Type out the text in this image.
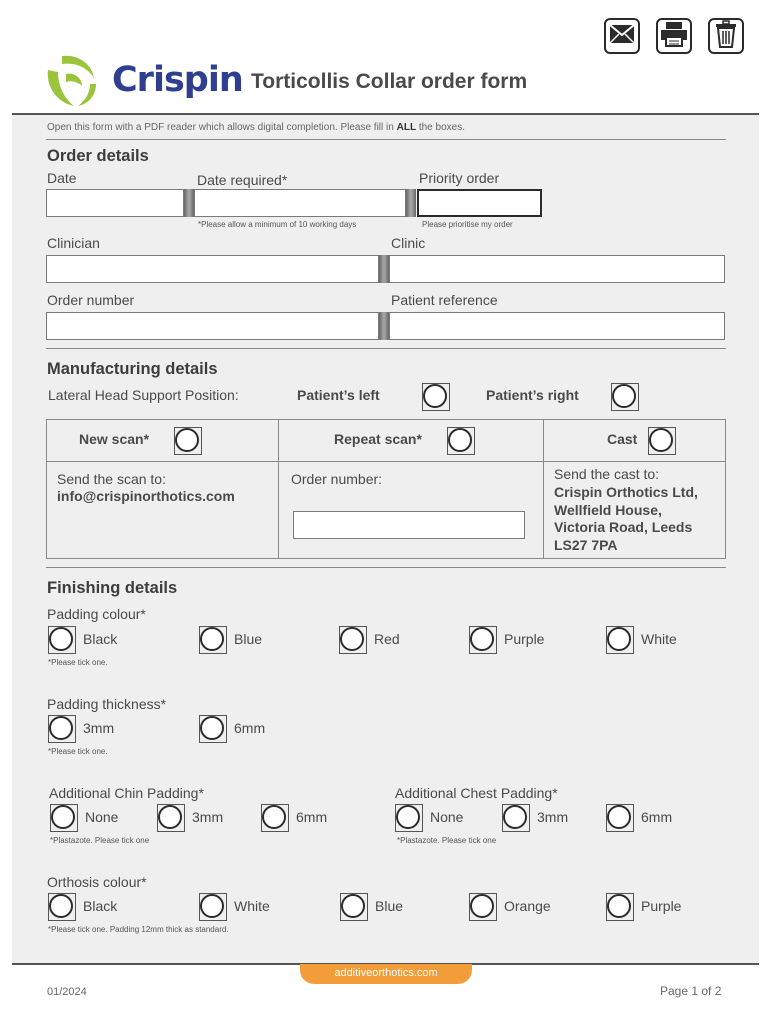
Crispin Torticollis Collar order form
Open this form with a PDF reader which allows digital completion. Please fill in ALL the boxes.
Order details
Date	Date required*	Priority order
*Please allow a minimum of 10 working days	Please prioritise my order
Clinician	Clinic
Order number	Patient reference
Manufacturing details
Lateral Head Support Position:	Patient’s left	Patient’s right
New scan*	Repeat scan*	Cast
Send the scan to:
info@crispinorthotics.com
Order number:	Send the cast to:
Crispin Orthotics Ltd,
Wellfield House,
Victoria Road, Leeds
LS27 7PA
Finishing details
Padding colour*
Black	Blue	Red	Purple	White
*Please tick one.
Padding thickness*
3mm	6mm
*Please tick one.
Additional Chin Padding*	Additional Chest Padding*
None	3mm	6mm	None	3mm	6mm
*Plastazote. Please tick one	*Plastazote. Please tick one
Orthosis colour*
Black	White	Blue	Orange	Purple
*Please tick one. Padding 12mm thick as standard.
additiveorthotics.com
01/2024	Page 1 of 2
